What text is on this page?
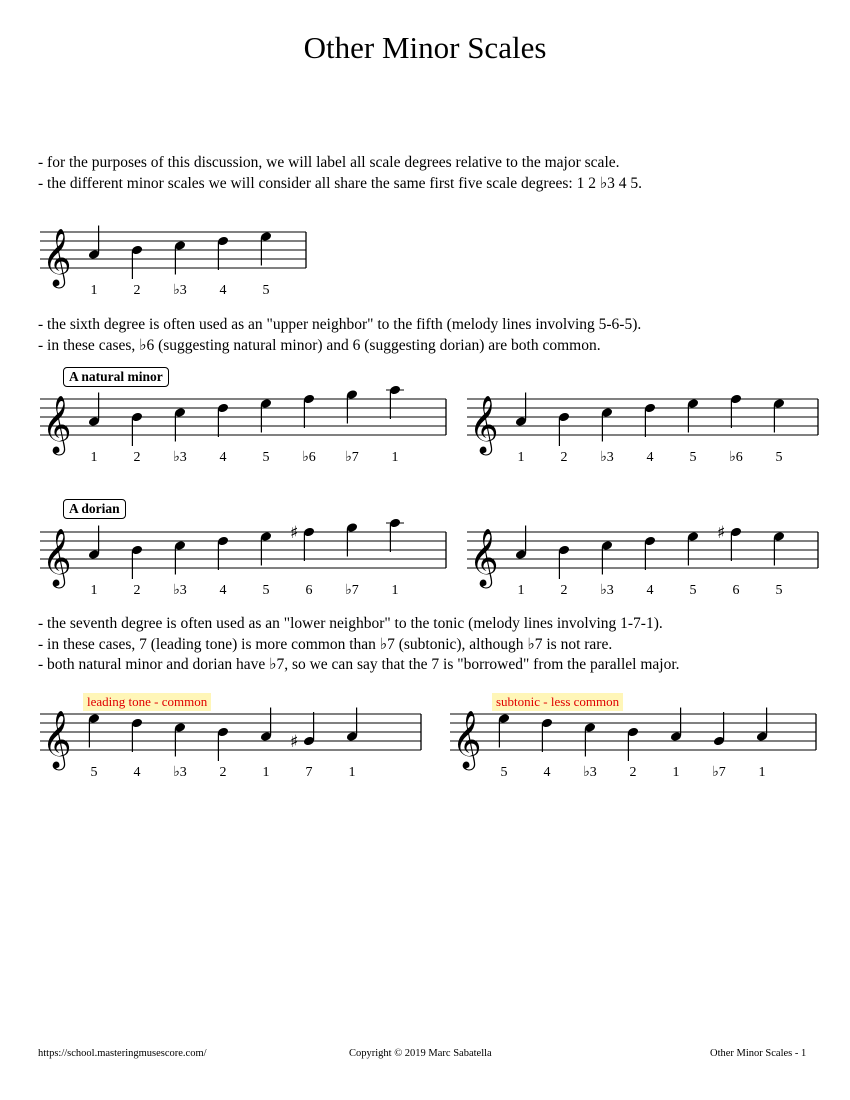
Other Minor Scales
- for the purposes of this discussion, we will label all scale degrees relative to the major scale.
- the different minor scales we will consider all share the same first five scale degrees: 1 2 ♭3 4 5.
𝄞
1	2 ♭3 4	5
- the sixth degree is often used as an "upper neighbor" to the fifth (melody lines involving 5-6-5).
- in these cases, ♭6 (suggesting natural minor) and 6 (suggesting dorian) are both common.
A natural minor
𝄞
1	2 ♭3 4	5 ♭6 ♭7 1
𝄞
1	2 ♭3 4	5 ♭6 5
A dorian
𝄞
1	2 ♭3 4	5
♯
6 ♭7 1
𝄞
1	2 ♭3 4	5
♯
6	5
- the seventh degree is often used as an "lower neighbor" to the tonic (melody lines involving 1-7-1).
- in these cases, 7 (leading tone) is more common than ♭7 (subtonic), although ♭7 is not rare.
- both natural minor and dorian have ♭7, so we can say that the 7 is "borrowed" from the parallel major.
leading tone - common	subtonic - less common
𝄞
5	4 ♭3 2	1
♯
7	1
𝄞
5	4 ♭3 2	1 ♭7 1
https://school.masteringmusescore.com/	Copyright © 2019 Marc Sabatella	Other Minor Scales - 1
